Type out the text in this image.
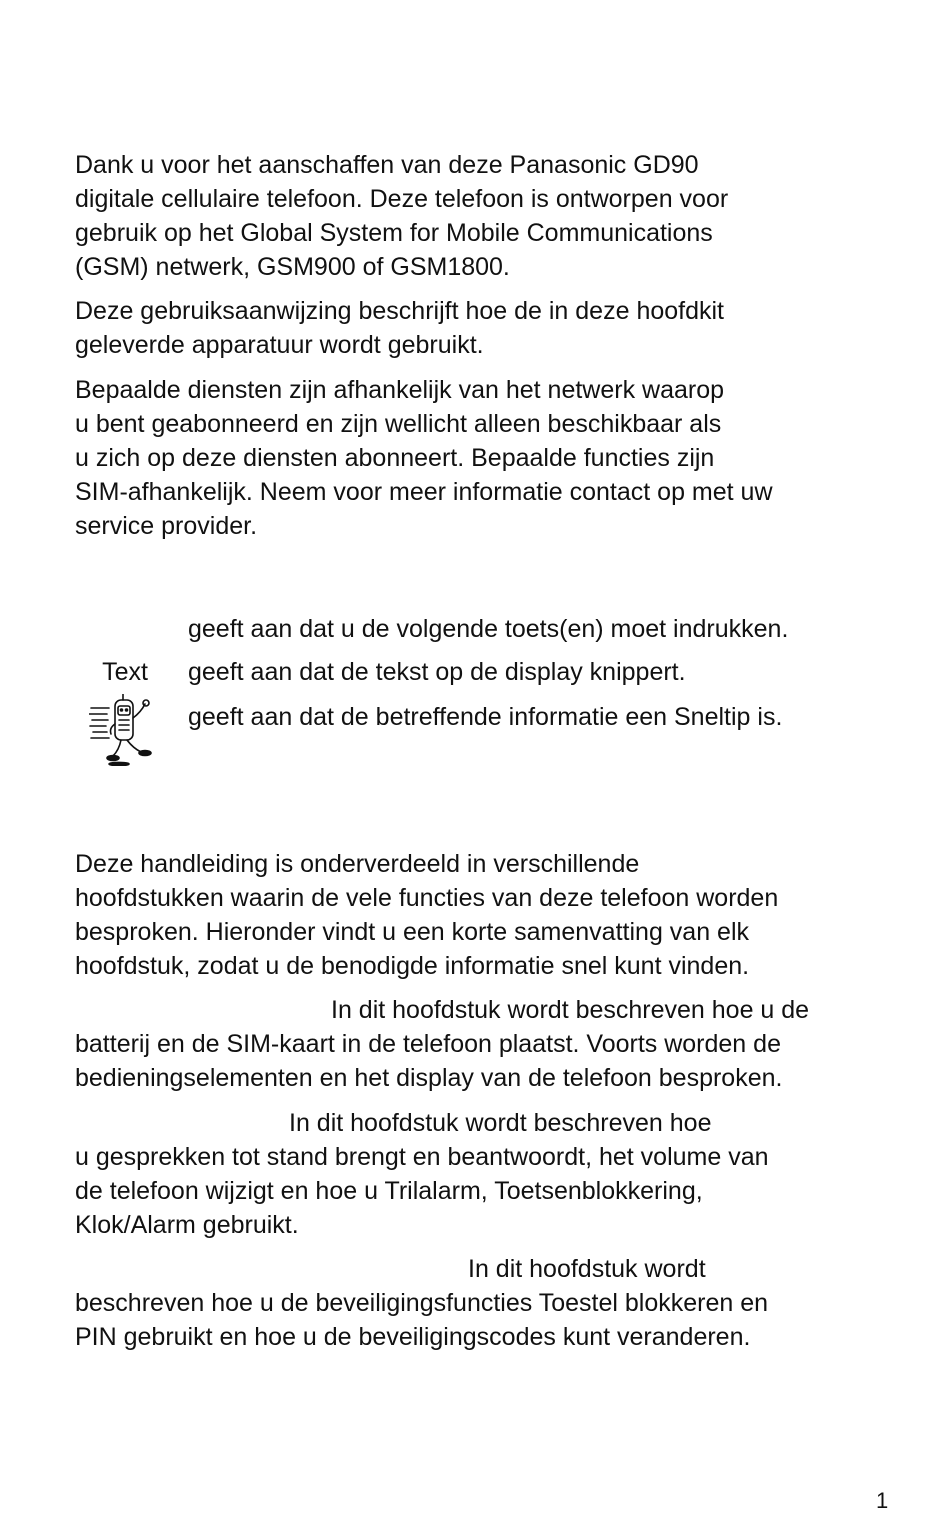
Dank u voor het aanschaffen van deze Panasonic GD90
digitale cellulaire telefoon. Deze telefoon is ontworpen voor
gebruik op het Global System for Mobile Communications
(GSM) netwerk, GSM900 of GSM1800.

Deze gebruiksaanwijzing beschrijft hoe de in deze hoofdkit
geleverde apparatuur wordt gebruikt.

Bepaalde diensten zijn afhankelijk van het netwerk waarop
u bent geabonneerd en zijn wellicht alleen beschikbaar als
u zich op deze diensten abonneert. Bepaalde functies zijn
SIM-afhankelijk. Neem voor meer informatie contact op met uw
service provider.

geeft aan dat u de volgende toets(en) moet indrukken.
Text	geeft aan dat de tekst op de display knippert.
geeft aan dat de betreffende informatie een Sneltip is.

Deze handleiding is onderverdeeld in verschillende
hoofdstukken waarin de vele functies van deze telefoon worden
besproken. Hieronder vindt u een korte samenvatting van elk
hoofdstuk, zodat u de benodigde informatie snel kunt vinden.

In dit hoofdstuk wordt beschreven hoe u de
batterij en de SIM-kaart in de telefoon plaatst. Voorts worden de
bedieningselementen en het display van de telefoon besproken.
In dit hoofdstuk wordt beschreven hoe
u gesprekken tot stand brengt en beantwoordt, het volume van
de telefoon wijzigt en hoe u Trilalarm, Toetsenblokkering,
Klok/Alarm gebruikt.
In dit hoofdstuk wordt
beschreven hoe u de beveiligingsfuncties Toestel blokkeren en
PIN gebruikt en hoe u de beveiligingscodes kunt veranderen.
1
